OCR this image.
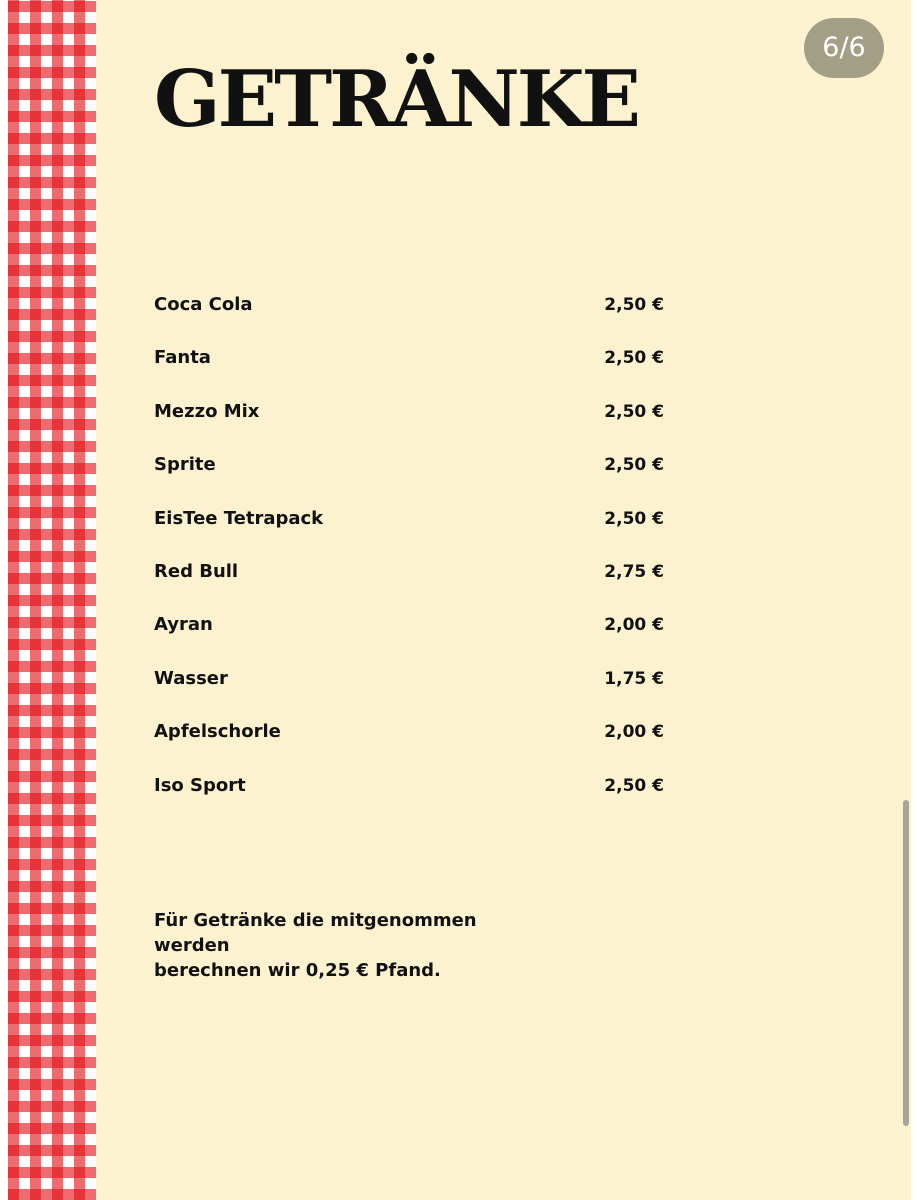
6/6
GETRÄNKE
Coca Cola	2,50 €
Fanta	2,50 €
Mezzo Mix	2,50 €
Sprite	2,50 €
EisTee Tetrapack	2,50 €
Red Bull	2,75 €
Ayran	2,00 €
Wasser	1,75 €
Apfelschorle	2,00 €
Iso Sport	2,50 €

Für Getränke die mitgenommen werden
berechnen wir 0,25 € Pfand.
